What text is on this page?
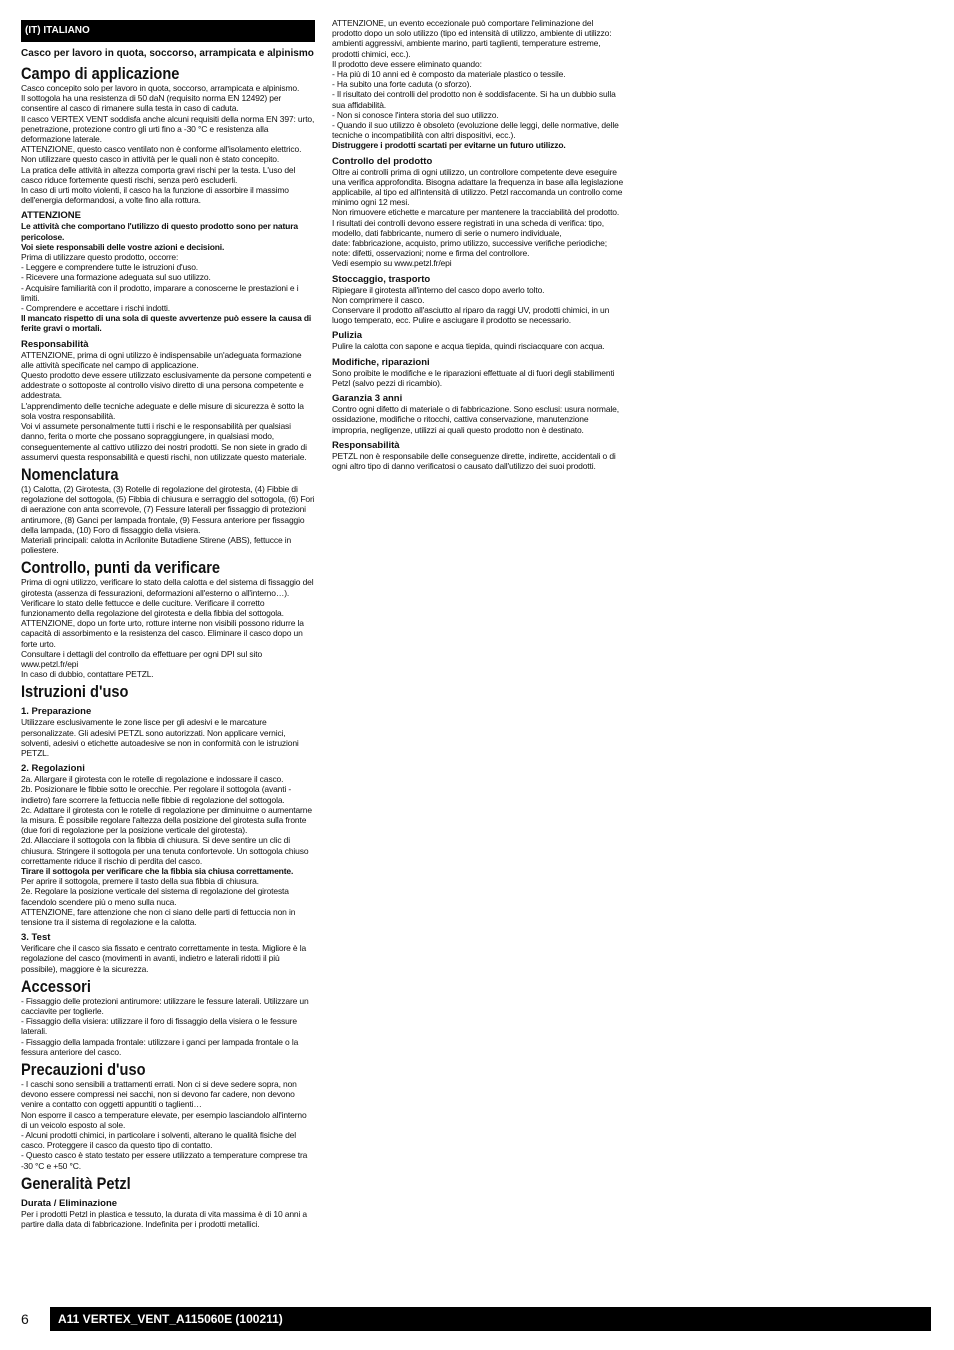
(IT) ITALIANO
Casco per lavoro in quota, soccorso, arrampicata e alpinismo
Campo di applicazione

Casco concepito solo per lavoro in quota, soccorso, arrampicata e alpinismo.

Il sottogola ha una resistenza di 50 daN (requisito norma EN 12492) per consentire al casco di rimanere sulla testa in caso di caduta.

Il casco VERTEX VENT soddisfa anche alcuni requisiti della norma EN 397: urto, penetrazione, protezione contro gli urti fino a -30 °C e resistenza alla deformazione laterale.

ATTENZIONE, questo casco ventilato non è conforme all'isolamento elettrico.

Non utilizzare questo casco in attività per le quali non è stato concepito.

La pratica delle attività in altezza comporta gravi rischi per la testa. L'uso del casco riduce fortemente questi rischi, senza però escluderli.

In caso di urti molto violenti, il casco ha la funzione di assorbire il massimo dell'energia deformandosi, a volte fino alla rottura.

ATTENZIONE

Le attività che comportano l'utilizzo di questo prodotto sono per natura pericolose.

Voi siete responsabili delle vostre azioni e decisioni.

Prima di utilizzare questo prodotto, occorre:

- Leggere e comprendere tutte le istruzioni d'uso.

- Ricevere una formazione adeguata sul suo utilizzo.

- Acquisire familiarità con il prodotto, imparare a conoscerne le prestazioni e i limiti.

- Comprendere e accettare i rischi indotti.

Il mancato rispetto di una sola di queste avvertenze può essere la causa di ferite gravi o mortali.

Responsabilità

ATTENZIONE, prima di ogni utilizzo è indispensabile un'adeguata formazione alle attività specificate nel campo di applicazione.

Questo prodotto deve essere utilizzato esclusivamente da persone competenti e addestrate o sottoposte al controllo visivo diretto di una persona competente e addestrata.

L'apprendimento delle tecniche adeguate e delle misure di sicurezza è sotto la sola vostra responsabilità.

Voi vi assumete personalmente tutti i rischi e le responsabilità per qualsiasi danno, ferita o morte che possano sopraggiungere, in qualsiasi modo, conseguentemente al cattivo utilizzo dei nostri prodotti. Se non siete in grado di assumervi questa responsabilità e questi rischi, non utilizzate questo materiale.

Nomenclatura

(1) Calotta, (2) Girotesta, (3) Rotelle di regolazione del girotesta, (4) Fibbie di regolazione del sottogola, (5) Fibbia di chiusura e serraggio del sottogola, (6) Fori di aerazione con anta scorrevole, (7) Fessure laterali per fissaggio di protezioni antirumore, (8) Ganci per lampada frontale, (9) Fessura anteriore per fissaggio della lampada, (10) Foro di fissaggio della visiera.

Materiali principali: calotta in Acrilonite Butadiene Stirene (ABS), fettucce in poliestere.

Controllo, punti da verificare

Prima di ogni utilizzo, verificare lo stato della calotta e del sistema di fissaggio del girotesta (assenza di fessurazioni, deformazioni all'esterno o all'interno…). Verificare lo stato delle fettucce e delle cuciture. Verificare il corretto funzionamento della regolazione del girotesta e della fibbia del sottogola.

ATTENZIONE, dopo un forte urto, rotture interne non visibili possono ridurre la capacità di assorbimento e la resistenza del casco. Eliminare il casco dopo un forte urto.

Consultare i dettagli del controllo da effettuare per ogni DPI sul sito www.petzl.fr/epi

In caso di dubbio, contattare PETZL.

Istruzioni d'uso
1. Preparazione

Utilizzare esclusivamente le zone lisce per gli adesivi e le marcature personalizzate. Gli adesivi PETZL sono autorizzati. Non applicare vernici, solventi, adesivi o etichette autoadesive se non in conformità con le istruzioni PETZL.

2. Regolazioni

2a. Allargare il girotesta con le rotelle di regolazione e indossare il casco.

2b. Posizionare le fibbie sotto le orecchie. Per regolare il sottogola (avanti - indietro) fare scorrere la fettuccia nelle fibbie di regolazione del sottogola.

2c. Adattare il girotesta con le rotelle di regolazione per diminuirne o aumentarne la misura. È possibile regolare l'altezza della posizione del girotesta sulla fronte (due fori di regolazione per la posizione verticale del girotesta).

2d. Allacciare il sottogola con la fibbia di chiusura. Si deve sentire un clic di chiusura. Stringere il sottogola per una tenuta confortevole. Un sottogola chiuso correttamente riduce il rischio di perdita del casco.

Tirare il sottogola per verificare che la fibbia sia chiusa correttamente.

Per aprire il sottogola, premere il tasto della sua fibbia di chiusura.

2e. Regolare la posizione verticale del sistema di regolazione del girotesta facendolo scendere più o meno sulla nuca.

ATTENZIONE, fare attenzione che non ci siano delle parti di fettuccia non in tensione tra il sistema di regolazione e la calotta.

3. Test

Verificare che il casco sia fissato e centrato correttamente in testa. Migliore è la regolazione del casco (movimenti in avanti, indietro e laterali ridotti il più possibile), maggiore è la sicurezza.

Accessori

- Fissaggio delle protezioni antirumore: utilizzare le fessure laterali. Utilizzare un cacciavite per toglierle.

- Fissaggio della visiera: utilizzare il foro di fissaggio della visiera o le fessure laterali.

- Fissaggio della lampada frontale: utilizzare i ganci per lampada frontale o la fessura anteriore del casco.

Precauzioni d'uso

- I caschi sono sensibili a trattamenti errati. Non ci si deve sedere sopra, non devono essere compressi nei sacchi, non si devono far cadere, non devono venire a contatto con oggetti appuntiti o taglienti…

Non esporre il casco a temperature elevate, per esempio lasciandolo all'interno di un veicolo esposto al sole.

- Alcuni prodotti chimici, in particolare i solventi, alterano le qualità fisiche del casco. Proteggere il casco da questo tipo di contatto.

- Questo casco è stato testato per essere utilizzato a temperature comprese tra -30 °C e +50 °C.

Generalità Petzl
Durata / Eliminazione

Per i prodotti Petzl in plastica e tessuto, la durata di vita massima è di 10 anni a partire dalla data di fabbricazione. Indefinita per i prodotti metallici.

ATTENZIONE, un evento eccezionale può comportare l'eliminazione del prodotto dopo un solo utilizzo (tipo ed intensità di utilizzo, ambiente di utilizzo: ambienti aggressivi, ambiente marino, parti taglienti, temperature estreme, prodotti chimici, ecc.).

Il prodotto deve essere eliminato quando:

- Ha più di 10 anni ed è composto da materiale plastico o tessile.

- Ha subito una forte caduta (o sforzo).

- Il risultato dei controlli del prodotto non è soddisfacente. Si ha un dubbio sulla sua affidabilità.

- Non si conosce l'intera storia del suo utilizzo.

- Quando il suo utilizzo è obsoleto (evoluzione delle leggi, delle normative, delle tecniche o incompatibilità con altri dispositivi, ecc.).

Distruggere i prodotti scartati per evitarne un futuro utilizzo.

Controllo del prodotto

Oltre ai controlli prima di ogni utilizzo, un controllore competente deve eseguire una verifica approfondita. Bisogna adattare la frequenza in base alla legislazione applicabile, al tipo ed all'intensità di utilizzo. Petzl raccomanda un controllo come minimo ogni 12 mesi.

Non rimuovere etichette e marcature per mantenere la tracciabilità del prodotto.

I risultati dei controlli devono essere registrati in una scheda di verifica: tipo, modello, dati fabbricante, numero di serie o numero individuale,

date: fabbricazione, acquisto, primo utilizzo, successive verifiche periodiche; note: difetti, osservazioni; nome e firma del controllore.

Vedi esempio su www.petzl.fr/epi

Stoccaggio, trasporto

Ripiegare il girotesta all'interno del casco dopo averlo tolto.

Non comprimere il casco.

Conservare il prodotto all'asciutto al riparo da raggi UV, prodotti chimici, in un luogo temperato, ecc. Pulire e asciugare il prodotto se necessario.

Pulizia

Pulire la calotta con sapone e acqua tiepida, quindi risciacquare con acqua.

Modifiche, riparazioni

Sono proibite le modifiche e le riparazioni effettuate al di fuori degli stabilimenti Petzl (salvo pezzi di ricambio).

Garanzia 3 anni

Contro ogni difetto di materiale o di fabbricazione. Sono esclusi: usura normale, ossidazione, modifiche o ritocchi, cattiva conservazione, manutenzione impropria, negligenze, utilizzi ai quali questo prodotto non è destinato.

Responsabilità

PETZL non è responsabile delle conseguenze dirette, indirette, accidentali o di ogni altro tipo di danno verificatosi o causato dall'utilizzo dei suoi prodotti.

6 A11 VERTEX_VENT_A115060E (100211)
